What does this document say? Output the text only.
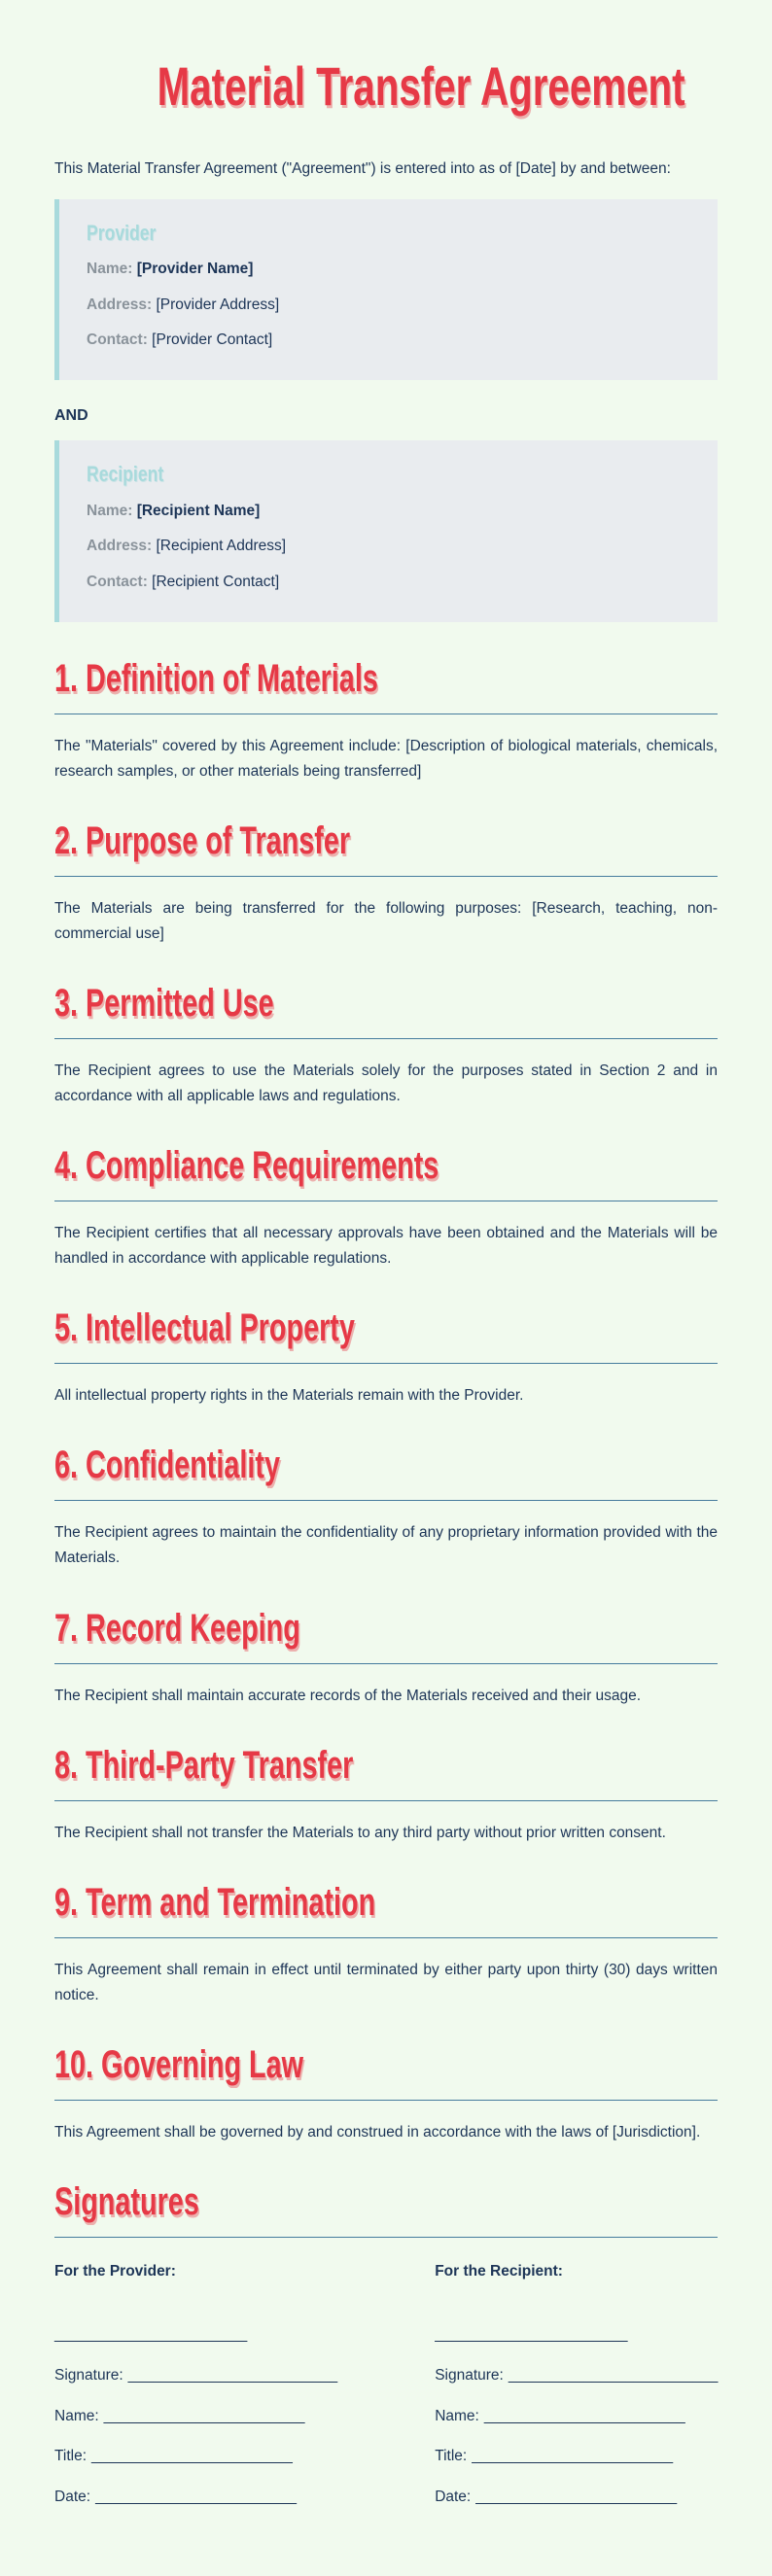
Material Transfer Agreement

This Material Transfer Agreement ("Agreement") is entered into as of [Date] by and between:

Provider

Name: [Provider Name]

Address: [Provider Address]

Contact: [Provider Contact]

AND

Recipient

Name: [Recipient Name]

Address: [Recipient Address]

Contact: [Recipient Contact]

1. Definition of Materials

The "Materials" covered by this Agreement include: [Description of biological materials, chemicals, research samples, or other materials being transferred]

2. Purpose of Transfer

The Materials are being transferred for the following purposes: [Research, teaching, non-commercial use]

3. Permitted Use

The Recipient agrees to use the Materials solely for the purposes stated in Section 2 and in accordance with all applicable laws and regulations.

4. Compliance Requirements

The Recipient certifies that all necessary approvals have been obtained and the Materials will be handled in accordance with applicable regulations.

5. Intellectual Property

All intellectual property rights in the Materials remain with the Provider.

6. Confidentiality

The Recipient agrees to maintain the confidentiality of any proprietary information provided with the Materials.

7. Record Keeping

The Recipient shall maintain accurate records of the Materials received and their usage.

8. Third-Party Transfer

The Recipient shall not transfer the Materials to any third party without prior written consent.

9. Term and Termination

This Agreement shall remain in effect until terminated by either party upon thirty (30) days written notice.

10. Governing Law

This Agreement shall be governed by and construed in accordance with the laws of [Jurisdiction].

Signatures

For the Provider:

_______________________

Signature: _________________________

Name: ________________________

Title: ________________________

Date: ________________________

For the Recipient:

_______________________

Signature: _________________________

Name: ________________________

Title: ________________________

Date: ________________________
